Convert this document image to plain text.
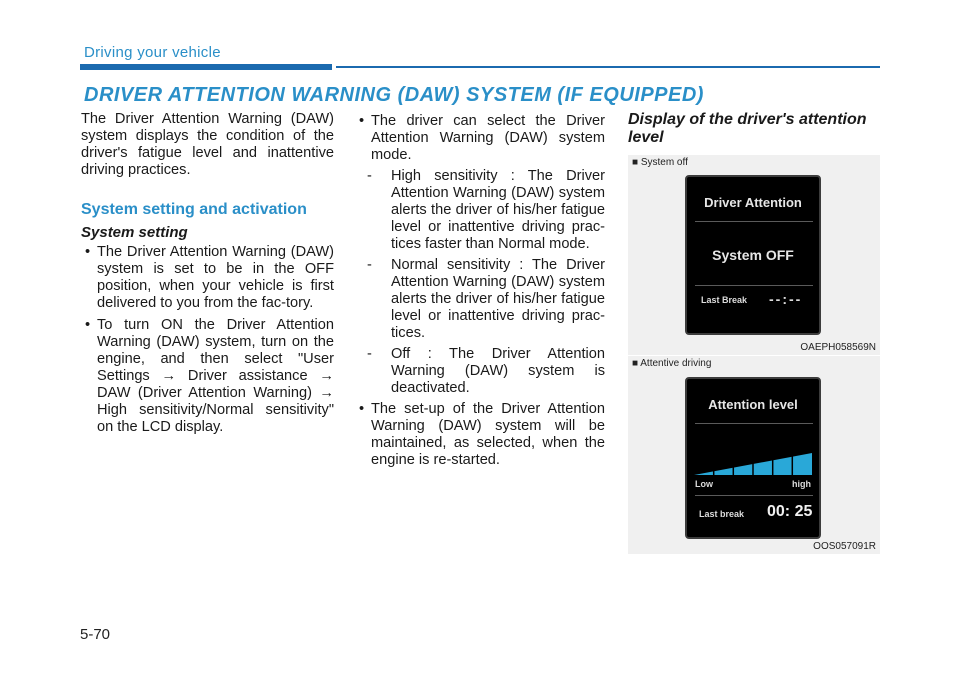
Driving your vehicle
DRIVER ATTENTION WARNING (DAW) SYSTEM (IF EQUIPPED)

The Driver Attention Warning (DAW) system displays the condition of the driver's fatigue level and inattentive driving practices.

System setting and activation
System setting

• The Driver Attention Warning (DAW) system is set to be in the OFF position, when your vehicle is first delivered to you from the fac-tory.

• To turn ON the Driver Attention Warning (DAW) system, turn on the engine, and then select "User Settings → Driver assistance → DAW (Driver Attention Warning) → High sensitivity/Normal sensitivity" on the LCD display.

• The driver can select the Driver Attention Warning (DAW) system mode.

- High sensitivity : The Driver Attention Warning (DAW) system alerts the driver of his/her fatigue level or inattentive driving prac-tices faster than Normal mode.

- Normal sensitivity : The Driver Attention Warning (DAW) system alerts the driver of his/her fatigue level or inattentive driving prac-tices.

- Off : The Driver Attention Warning (DAW) system is deactivated.

• The set-up of the Driver Attention Warning (DAW) system will be maintained, as selected, when the engine is re-started.

Display of the driver's attention level
■ System off
Driver Attention
System OFF
Last Break --:--
OAEPH058569N
■ Attentive driving
Attention level
Low	high
Last break 00: 25
OOS057091R
5-70
